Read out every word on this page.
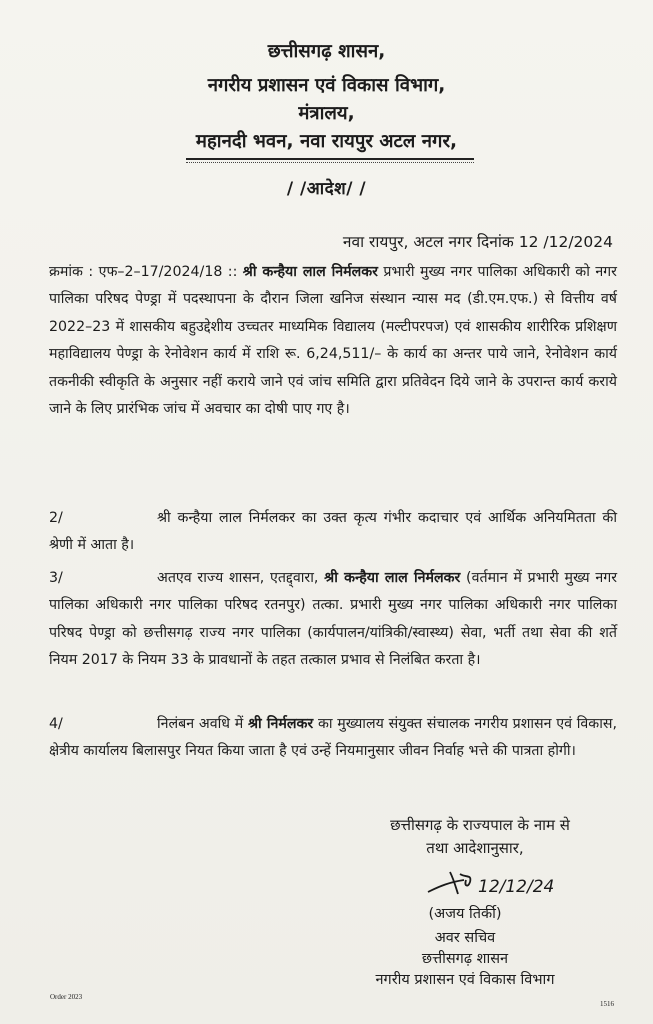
छत्तीसगढ़ शासन,
नगरीय प्रशासन एवं विकास विभाग,
मंत्रालय,
महानदी भवन, नवा रायपुर अटल नगर,
/ /आदेश/ /
नवा रायपुर, अटल नगर दिनांक 12 /12/2024
क्रमांक : एफ–2–17/2024/18 :: श्री कन्हैया लाल निर्मलकर प्रभारी मुख्य नगर पालिका अधिकारी को नगर पालिका परिषद पेण्ड्रा में पदस्थापना के दौरान जिला खनिज संस्थान न्यास मद (डी.एम.एफ.) से वित्तीय वर्ष 2022–23 में शासकीय बहुउद्देशीय उच्चतर माध्यमिक विद्यालय (मल्टीपरपज) एवं शासकीय शारीरिक प्रशिक्षण महाविद्यालय पेण्ड्रा के रेनोवेशन कार्य में राशि रू. 6,24,511/– के कार्य का अन्तर पाये जाने, रेनोवेशन कार्य तकनीकी स्वीकृति के अनुसार नहीं कराये जाने एवं जांच समिति द्वारा प्रतिवेदन दिये जाने के उपरान्त कार्य कराये जाने के लिए प्रारंभिक जांच में अवचार का दोषी पाए गए है।
2/	श्री कन्हैया लाल निर्मलकर का उक्त कृत्य गंभीर कदाचार एवं आर्थिक अनियमितता की श्रेणी में आता है।
3/	अतएव राज्य शासन, एतद्द्वारा, श्री कन्हैया लाल निर्मलकर (वर्तमान में प्रभारी मुख्य नगर पालिका अधिकारी नगर पालिका परिषद रतनपुर) तत्का. प्रभारी मुख्य नगर पालिका अधिकारी नगर पालिका परिषद पेण्ड्रा को छत्तीसगढ़ राज्य नगर पालिका (कार्यपालन/यांत्रिकी/स्वास्थ्य) सेवा, भर्ती तथा सेवा की शर्ते नियम 2017 के नियम 33 के प्रावधानों के तहत तत्काल प्रभाव से निलंबित करता है।
4/	निलंबन अवधि में श्री निर्मलकर का मुख्यालय संयुक्त संचालक नगरीय प्रशासन एवं विकास, क्षेत्रीय कार्यालय बिलासपुर नियत किया जाता है एवं उन्हें नियमानुसार जीवन निर्वाह भत्ते की पात्रता होगी।
छत्तीसगढ़ के राज्यपाल के नाम से
तथा आदेशानुसार,
12/12/24
(अजय तिर्की)
अवर सचिव
छत्तीसगढ़ शासन
नगरीय प्रशासन एवं विकास विभाग
Order 2023
1516
